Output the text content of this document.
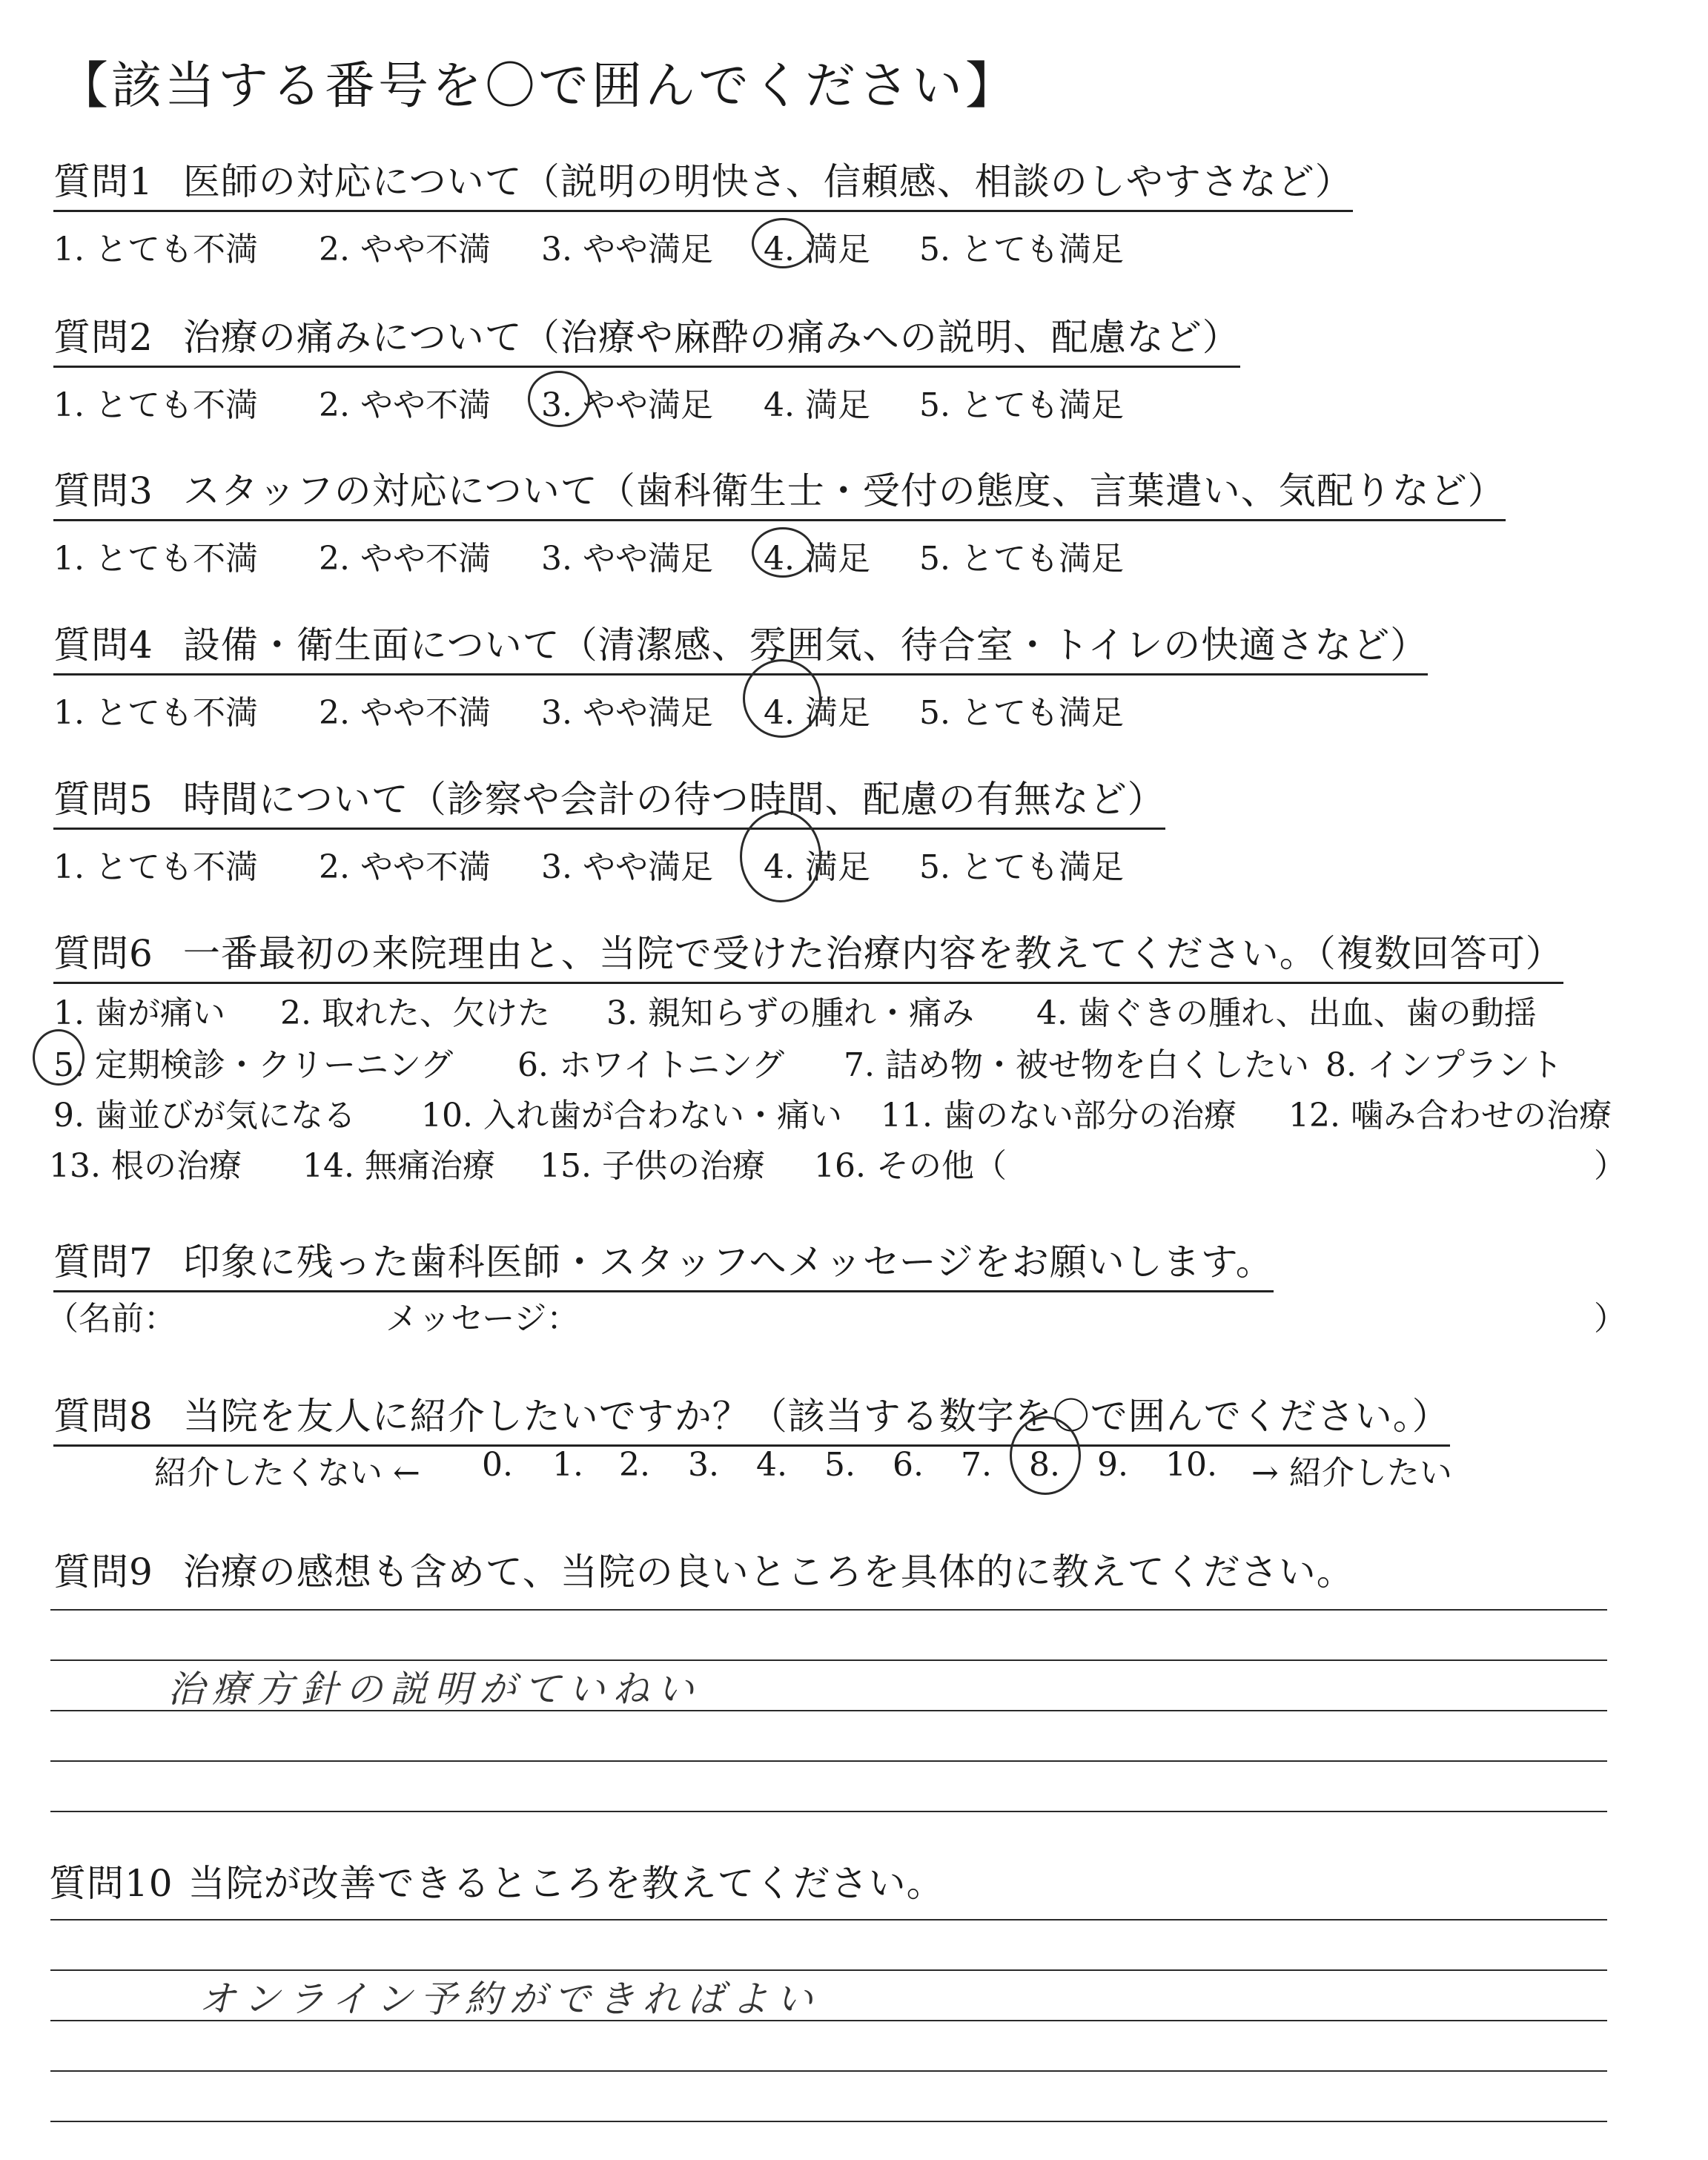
【該当する番号を〇で囲んでください】
質問1 医師の対応について（説明の明快さ、信頼感、相談のしやすさなど）
1. とても不満 2. やや不満 3. やや満足 4. 満足 5. とても満足
質問2 治療の痛みについて（治療や麻酔の痛みへの説明、配慮など）
1. とても不満 2. やや不満 3. やや満足 4. 満足 5. とても満足
質問3 スタッフの対応について（歯科衛生士・受付の態度、言葉遣い、気配りなど）
1. とても不満 2. やや不満 3. やや満足 4. 満足 5. とても満足
質問4 設備・衛生面について（清潔感、雰囲気、待合室・トイレの快適さなど）
1. とても不満 2. やや不満 3. やや満足 4. 満足 5. とても満足
質問5 時間について（診察や会計の待つ時間、配慮の有無など）
1. とても不満 2. やや不満 3. やや満足 4. 満足 5. とても満足
質問6 一番最初の来院理由と、当院で受けた治療内容を教えてください。（複数回答可）
1. 歯が痛い 2. 取れた、欠けた 3. 親知らずの腫れ・痛み 4. 歯ぐきの腫れ、出血、歯の動揺
5. 定期検診・クリーニング 6. ホワイトニング 7. 詰め物・被せ物を白くしたい 8. インプラント
9. 歯並びが気になる 10. 入れ歯が合わない・痛い 11. 歯のない部分の治療 12. 噛み合わせの治療
13. 根の治療 14. 無痛治療 15. 子供の治療 16. その他（	）
質問7 印象に残った歯科医師・スタッフへメッセージをお願いします。
（名前：	メッセージ：	）
質問8 当院を友人に紹介したいですか？（該当する数字を〇で囲んでください。）
紹介したくない ← 0. 1. 2. 3. 4. 5. 6. 7. 8. 9. 10. → 紹介したい
質問9 治療の感想も含めて、当院の良いところを具体的に教えてください。
治療方針の説明がていねい
質問10 当院が改善できるところを教えてください。
オンライン予約ができればよい
